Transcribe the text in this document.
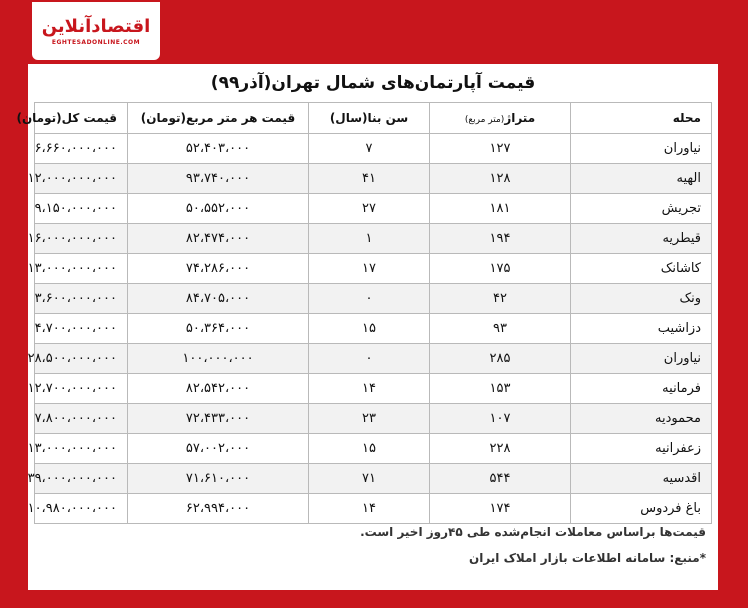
اقتصادآنلاین
EGHTESADONLINE.COM
قیمت آپارتمان‌های شمال تهران(آذر۹۹)
محله	متراژ(متر مربع)	سن بنا(سال)	قیمت هر متر مربع(تومان)	قیمت کل(تومان)
نیاوران	۱۲۷	۷	۵۲،۴۰۳،۰۰۰	۶،۶۶۰،۰۰۰،۰۰۰
الهیه	۱۲۸	۴۱	۹۳،۷۴۰،۰۰۰	۱۲،۰۰۰،۰۰۰،۰۰۰
تجریش	۱۸۱	۲۷	۵۰،۵۵۲،۰۰۰	۹،۱۵۰،۰۰۰،۰۰۰
قیطریه	۱۹۴	۱	۸۲،۴۷۴،۰۰۰	۱۶،۰۰۰،۰۰۰،۰۰۰
کاشانک	۱۷۵	۱۷	۷۴،۲۸۶،۰۰۰	۱۳،۰۰۰،۰۰۰،۰۰۰
ونک	۴۲	۰	۸۴،۷۰۵،۰۰۰	۳،۶۰۰،۰۰۰،۰۰۰
دزاشیب	۹۳	۱۵	۵۰،۳۶۴،۰۰۰	۴،۷۰۰،۰۰۰،۰۰۰
نیاوران	۲۸۵	۰	۱۰۰،۰۰۰،۰۰۰	۲۸،۵۰۰،۰۰۰،۰۰۰
فرمانیه	۱۵۳	۱۴	۸۲،۵۴۲،۰۰۰	۱۲،۷۰۰،۰۰۰،۰۰۰
محمودیه	۱۰۷	۲۳	۷۲،۴۳۳،۰۰۰	۷،۸۰۰،۰۰۰،۰۰۰
زعفرانیه	۲۲۸	۱۵	۵۷،۰۰۲،۰۰۰	۱۳،۰۰۰،۰۰۰،۰۰۰
اقدسیه	۵۴۴	۷۱	۷۱،۶۱۰،۰۰۰	۳۹،۰۰۰،۰۰۰،۰۰۰
باغ فردوس	۱۷۴	۱۴	۶۲،۹۹۴،۰۰۰	۱۰،۹۸۰،۰۰۰،۰۰۰
قیمت‌ها براساس معاملات انجام‌شده طی ۴۵روز اخیر است.
*منبع: سامانه اطلاعات بازار املاک ایران
